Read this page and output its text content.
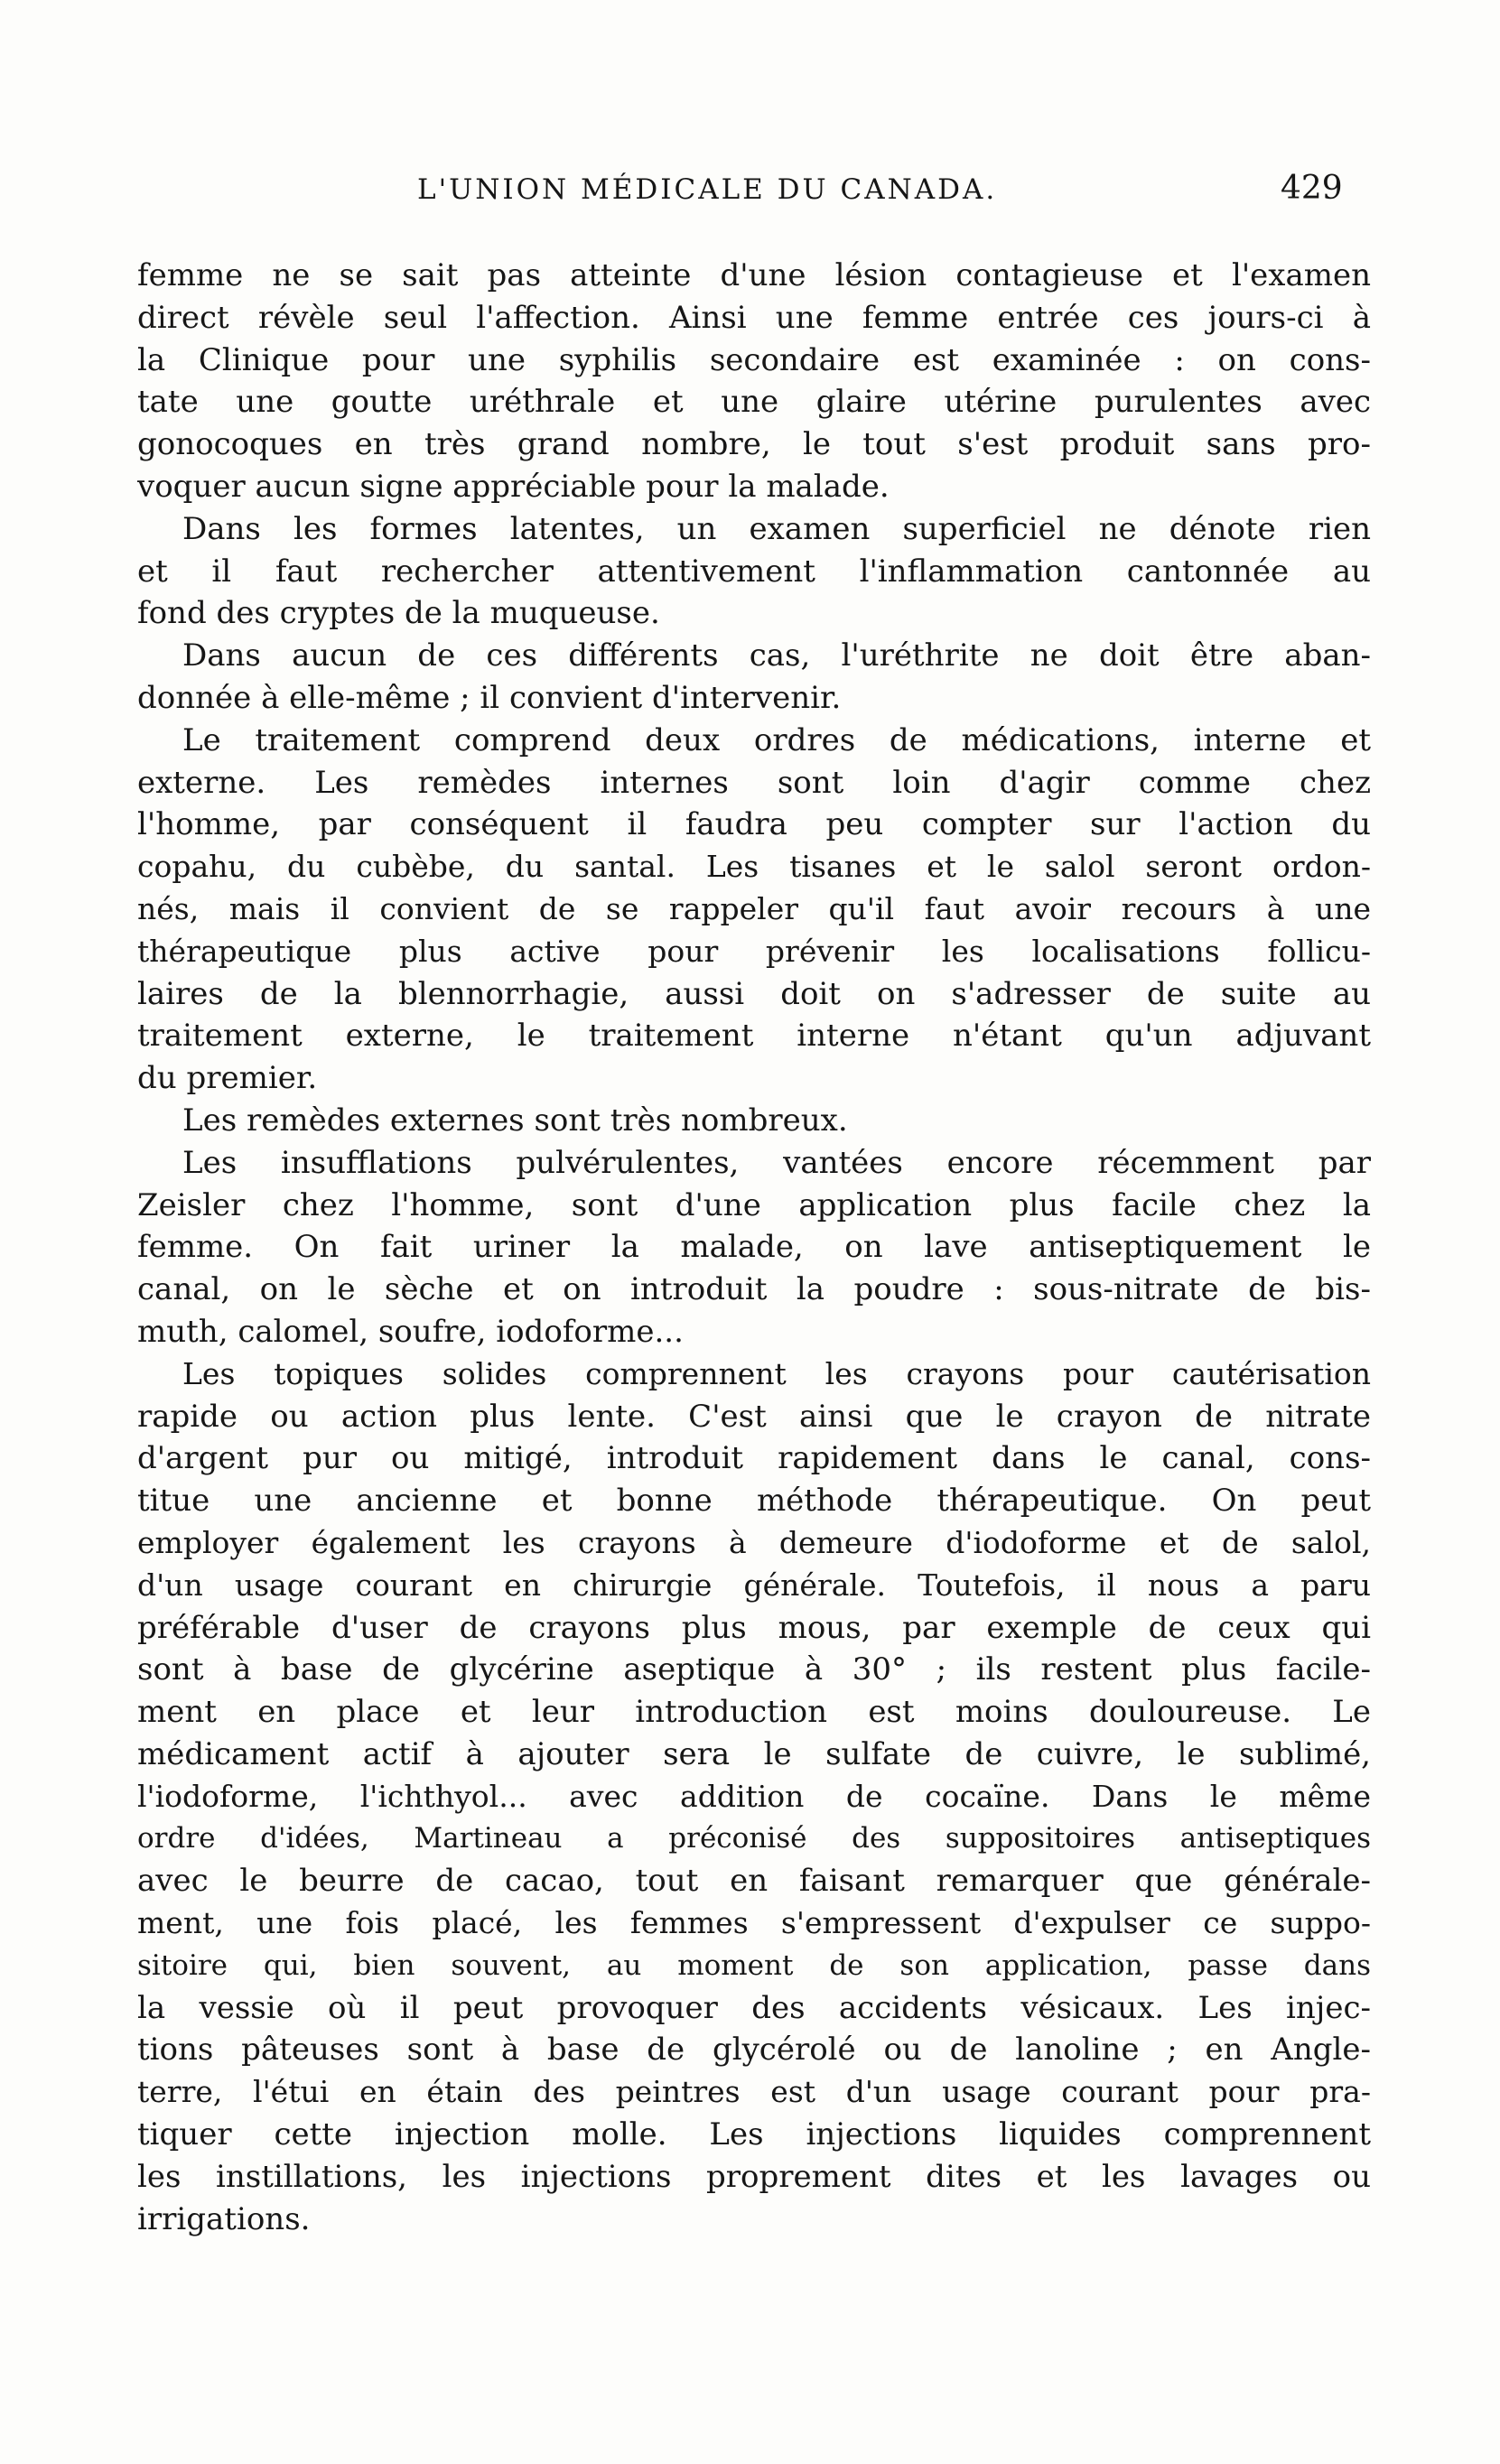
L'UNION MÉDICALE DU CANADA.	429
femme ne se sait pas atteinte d'une lésion contagieuse et l'examen
direct révèle seul l'affection. Ainsi une femme entrée ces jours-ci à
la Clinique pour une syphilis secondaire est examinée : on cons-
tate une goutte uréthrale et une glaire utérine purulentes avec
gonocoques en très grand nombre, le tout s'est produit sans pro-
voquer aucun signe appréciable pour la malade.
Dans les formes latentes, un examen superficiel ne dénote rien
et il faut rechercher attentivement l'inflammation cantonnée au
fond des cryptes de la muqueuse.
Dans aucun de ces différents cas, l'uréthrite ne doit être aban-
donnée à elle-même ; il convient d'intervenir.
Le traitement comprend deux ordres de médications, interne et
externe. Les remèdes internes sont loin d'agir comme chez
l'homme, par conséquent il faudra peu compter sur l'action du
copahu, du cubèbe, du santal. Les tisanes et le salol seront ordon-
nés, mais il convient de se rappeler qu'il faut avoir recours à une
thérapeutique plus active pour prévenir les localisations follicu-
laires de la blennorrhagie, aussi doit on s'adresser de suite au
traitement externe, le traitement interne n'étant qu'un adjuvant
du premier.
Les remèdes externes sont très nombreux.
Les insufflations pulvérulentes, vantées encore récemment par
Zeisler chez l'homme, sont d'une application plus facile chez la
femme. On fait uriner la malade, on lave antiseptiquement le
canal, on le sèche et on introduit la poudre : sous-nitrate de bis-
muth, calomel, soufre, iodoforme...
Les topiques solides comprennent les crayons pour cautérisation
rapide ou action plus lente. C'est ainsi que le crayon de nitrate
d'argent pur ou mitigé, introduit rapidement dans le canal, cons-
titue une ancienne et bonne méthode thérapeutique. On peut
employer également les crayons à demeure d'iodoforme et de salol,
d'un usage courant en chirurgie générale. Toutefois, il nous a paru
préférable d'user de crayons plus mous, par exemple de ceux qui
sont à base de glycérine aseptique à 30° ; ils restent plus facile-
ment en place et leur introduction est moins douloureuse. Le
médicament actif à ajouter sera le sulfate de cuivre, le sublimé,
l'iodoforme, l'ichthyol... avec addition de cocaïne. Dans le même
ordre d'idées, Martineau a préconisé des suppositoires antiseptiques
avec le beurre de cacao, tout en faisant remarquer que générale-
ment, une fois placé, les femmes s'empressent d'expulser ce suppo-
sitoire qui, bien souvent, au moment de son application, passe dans
la vessie où il peut provoquer des accidents vésicaux. Les injec-
tions pâteuses sont à base de glycérolé ou de lanoline ; en Angle-
terre, l'étui en étain des peintres est d'un usage courant pour pra-
tiquer cette injection molle. Les injections liquides comprennent
les instillations, les injections proprement dites et les lavages ou
irrigations.
